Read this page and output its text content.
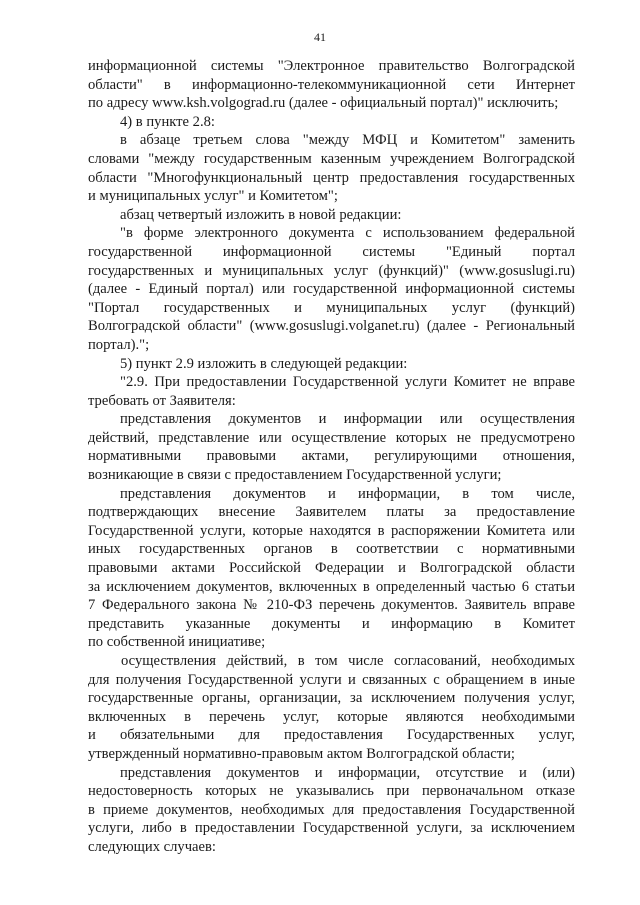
41
информационной системы "Электронное правительство Волгоградской
области" в информационно-телекоммуникационной сети Интернет
по адресу www.ksh.volgograd.ru (далее - официальный портал)" исключить;
4) в пункте 2.8:
в абзаце третьем слова "между МФЦ и Комитетом" заменить
словами "между государственным казенным учреждением Волгоградской
области "Многофункциональный центр предоставления государственных
и муниципальных услуг" и Комитетом";
абзац четвертый изложить в новой редакции:
"в форме электронного документа с использованием федеральной
государственной информационной системы "Единый портал
государственных и муниципальных услуг (функций)" (www.gosuslugi.ru)
(далее - Единый портал) или государственной информационной системы
"Портал государственных и муниципальных услуг (функций)
Волгоградской области" (www.gosuslugi.volganet.ru) (далее - Региональный
портал).";
5) пункт 2.9 изложить в следующей редакции:
"2.9. При предоставлении Государственной услуги Комитет не вправе
требовать от Заявителя:
представления документов и информации или осуществления
действий, представление или осуществление которых не предусмотрено
нормативными правовыми актами, регулирующими отношения,
возникающие в связи с предоставлением Государственной услуги;
представления документов и информации, в том числе,
подтверждающих внесение Заявителем платы за предоставление
Государственной услуги, которые находятся в распоряжении Комитета или
иных государственных органов в соответствии с нормативными
правовыми актами Российской Федерации и Волгоградской области
за исключением документов, включенных в определенный частью 6 статьи
7 Федерального закона № 210-ФЗ перечень документов. Заявитель вправе
представить указанные документы и информацию в Комитет
по собственной инициативе;
осуществления действий, в том числе согласований, необходимых
для получения Государственной услуги и связанных с обращением в иные
государственные органы, организации, за исключением получения услуг,
включенных в перечень услуг, которые являются необходимыми
и обязательными для предоставления Государственных услуг,
утвержденный нормативно-правовым актом Волгоградской области;
представления документов и информации, отсутствие и (или)
недостоверность которых не указывались при первоначальном отказе
в приеме документов, необходимых для предоставления Государственной
услуги, либо в предоставлении Государственной услуги, за исключением
следующих случаев:
